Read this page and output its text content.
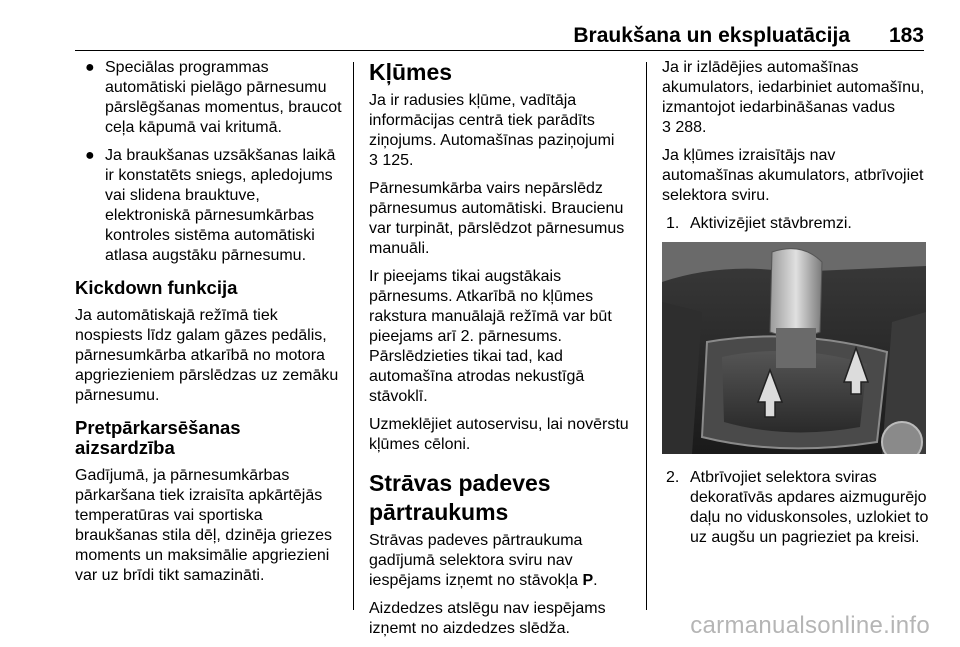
Braukšana un ekspluatācija 183
● Speciālas programmas automātiski pielāgo pārnesumu pārslēgšanas momentus, braucot ceļa kāpumā vai kritumā.
● Ja braukšanas uzsākšanas laikā ir konstatēts sniegs, apledojums vai slidena brauktuve, elektroniskā pārnesumkārbas kontroles sistēma automātiski atlasa augstāku pārnesumu.
Kickdown funkcija

Ja automātiskajā režīmā tiek nospiests līdz galam gāzes pedālis, pārnesumkārba atkarībā no motora apgriezieniem pārslēdzas uz zemāku pārnesumu.

Pretpārkarsēšanas aizsardzība

Gadījumā, ja pārnesumkārbas pārkaršana tiek izraisīta apkārtējās temperatūras vai sportiska braukšanas stila dēļ, dzinēja griezes moments un maksimālie apgriezieni var uz brīdi tikt samazināti.

Kļūmes

Ja ir radusies kļūme, vadītāja informācijas centrā tiek parādīts ziņojums. Automašīnas paziņojumi
3 125.

Pārnesumkārba vairs nepārslēdz pārnesumus automātiski. Braucienu var turpināt, pārslēdzot pārnesumus manuāli.

Ir pieejams tikai augstākais pārnesums. Atkarībā no kļūmes rakstura manuālajā režīmā var būt pieejams arī 2. pārnesums. Pārslēdzieties tikai tad, kad automašīna atrodas nekustīgā stāvoklī.

Uzmeklējiet autoservisu, lai novērstu kļūmes cēloni.

Strāvas padeves pārtraukums

Strāvas padeves pārtraukuma gadījumā selektora sviru nav iespējams izņemt no stāvokļa P.

Aizdedzes atslēgu nav iespējams izņemt no aizdedzes slēdža.

Ja ir izlādējies automašīnas akumulators, iedarbiniet automašīnu, izmantojot iedarbināšanas vadus
3 288.

Ja kļūmes izraisītājs nav automašīnas akumulators, atbrīvojiet selektora sviru.

1. Aktivizējiet stāvbremzi.
2. Atbrīvojiet selektora sviras dekoratīvās apdares aizmugurējo daļu no viduskonsoles, uzlokiet to uz augšu un pagrieziet pa kreisi.
carmanualsonline.info
